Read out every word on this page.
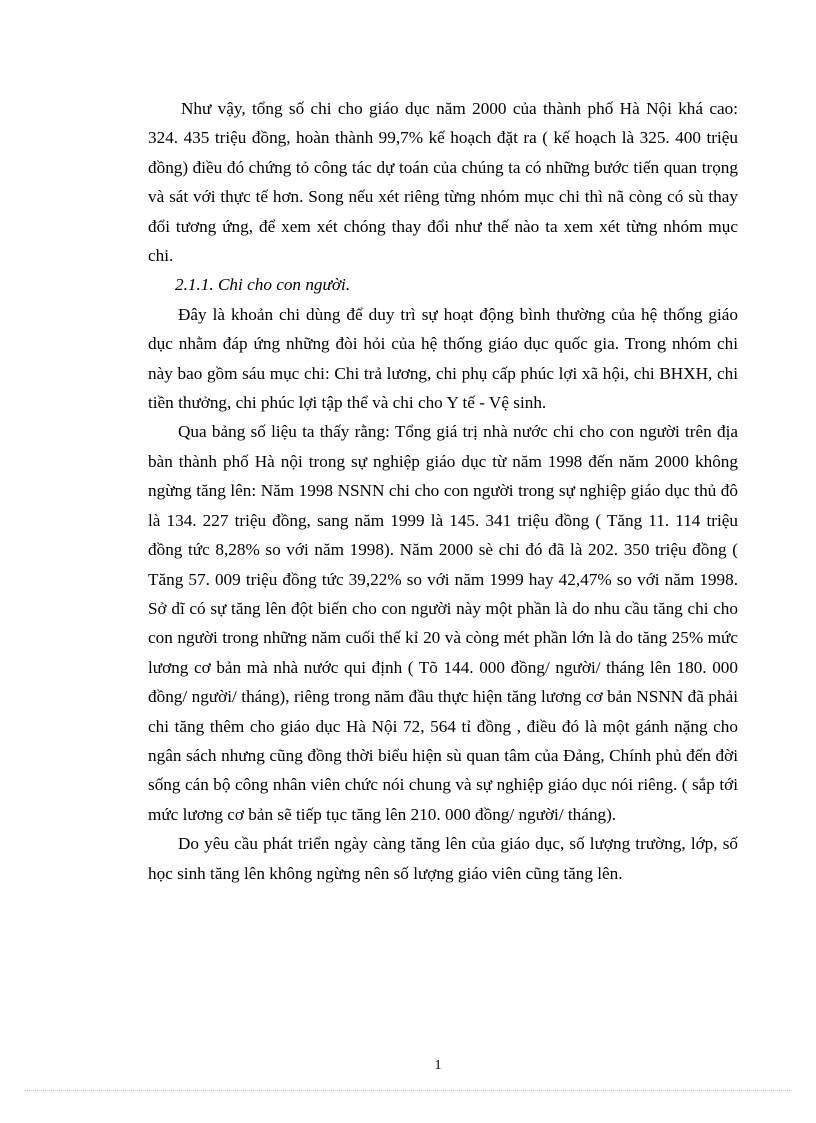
Như vậy, tổng số chi cho giáo dục năm 2000 của thành phố Hà Nội khá cao: 324. 435 triệu đồng, hoàn thành 99,7% kế hoạch đặt ra ( kế hoạch là 325. 400 triệu đồng) điều đó chứng tỏ công tác dự toán của chúng ta có những bước tiến quan trọng và sát với thực tế hơn. Song nếu xét riêng từng nhóm mục chi thì nã còng có sù thay đổi tương ứng, để xem xét chóng thay đổi như thế nào ta xem xét từng nhóm mục chi.

2.1.1. Chi cho con người.

Đây là khoản chi dùng để duy trì sự hoạt động bình thường của hệ thống giáo dục nhằm đáp ứng những đòi hỏi của hệ thống giáo dục quốc gia. Trong nhóm chi này bao gồm sáu mục chi: Chi trả lương, chi phụ cấp phúc lợi xã hội, chi BHXH, chi tiền thưởng, chi phúc lợi tập thể và chi cho Y tế - Vệ sinh.

Qua bảng số liệu ta thấy rằng: Tổng giá trị nhà nước chi cho con người trên địa bàn thành phố Hà nội trong sự nghiệp giáo dục từ năm 1998 đến năm 2000 không ngừng tăng lên: Năm 1998 NSNN chi cho con người trong sự nghiệp giáo dục thủ đô là 134. 227 triệu đồng, sang năm 1999 là 145. 341 triệu đồng ( Tăng 11. 114 triệu đồng tức 8,28% so với năm 1998). Năm 2000 sè chi đó đã là 202. 350 triệu đồng ( Tăng 57. 009 triệu đồng tức 39,22% so với năm 1999 hay 42,47% so với năm 1998. Sở dĩ có sự tăng lên đột biến cho con người này một phần là do nhu cầu tăng chi cho con người trong những năm cuối thế kỉ 20 và còng mét phần lớn là do tăng 25% mức lương cơ bản mà nhà nước qui định ( Tõ 144. 000 đồng/ người/ tháng lên 180. 000 đồng/ người/ tháng), riêng trong năm đầu thực hiện tăng lương cơ bản NSNN đã phải chi tăng thêm cho giáo dục Hà Nội 72, 564 tỉ đồng , điều đó là một gánh nặng cho ngân sách nhưng cũng đồng thời biểu hiện sù quan tâm của Đảng, Chính phủ đến đời sống cán bộ công nhân viên chức nói chung và sự nghiệp giáo dục nói riêng. ( sắp tới mức lương cơ bản sẽ tiếp tục tăng lên 210. 000 đồng/ người/ tháng).

Do yêu cầu phát triển ngày càng tăng lên của giáo dục, số lượng trường, lớp, số học sinh tăng lên không ngừng nên số lượng giáo viên cũng tăng lên.

1
